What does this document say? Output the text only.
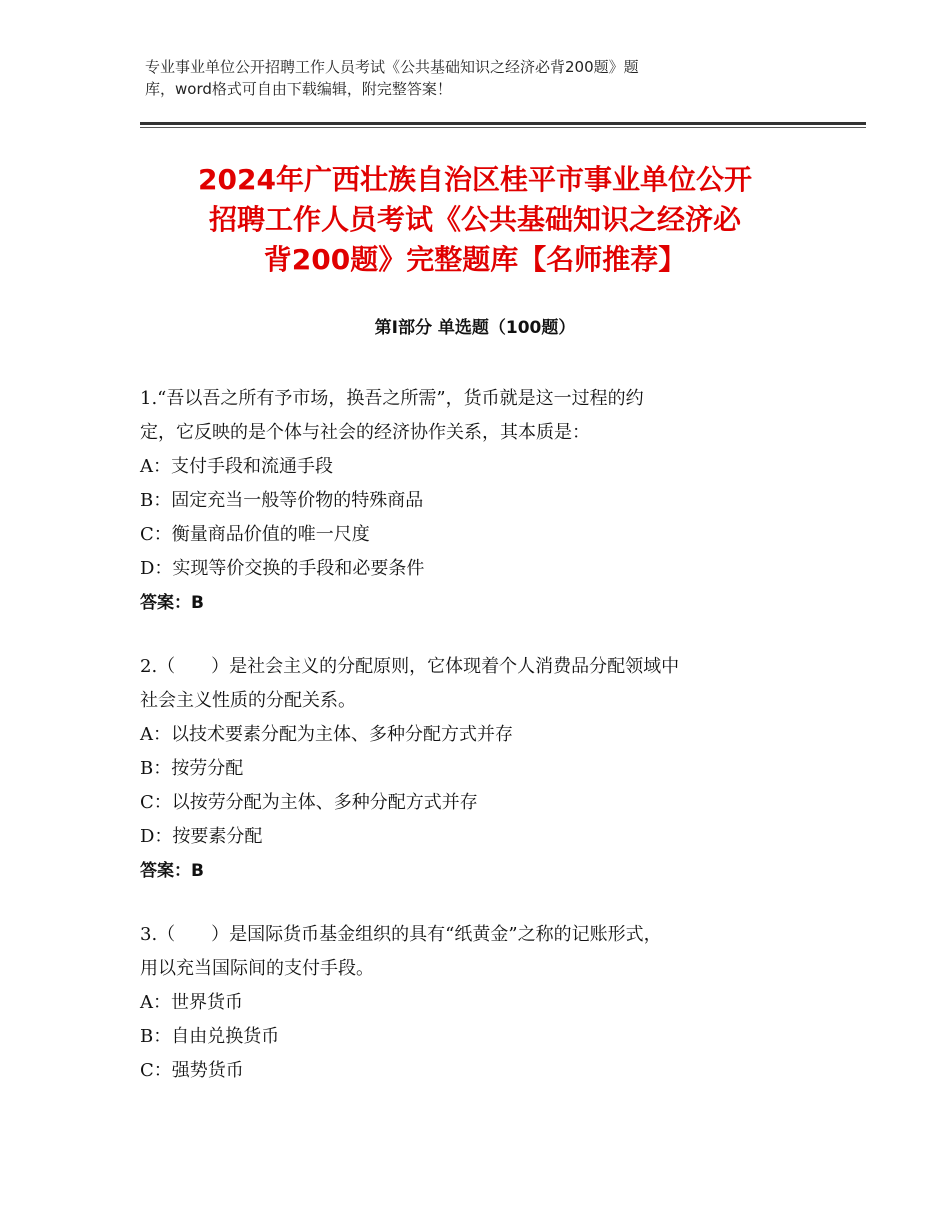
专业事业单位公开招聘工作人员考试《公共基础知识之经济必背200题》题
库，word格式可自由下载编辑，附完整答案！
2024年广西壮族自治区桂平市事业单位公开
招聘工作人员考试《公共基础知识之经济必
背200题》完整题库【名师推荐】
第I部分 单选题（100题）

1.“吾以吾之所有予市场，换吾之所需”，货币就是这一过程的约

定，它反映的是个体与社会的经济协作关系，其本质是：

A：支付手段和流通手段

B：固定充当一般等价物的特殊商品

C：衡量商品价值的唯一尺度

D：实现等价交换的手段和必要条件

答案：B

2.（　　）是社会主义的分配原则，它体现着个人消费品分配领域中

社会主义性质的分配关系。

A：以技术要素分配为主体、多种分配方式并存

B：按劳分配

C：以按劳分配为主体、多种分配方式并存

D：按要素分配

答案：B

3.（　　）是国际货币基金组织的具有“纸黄金”之称的记账形式，

用以充当国际间的支付手段。

A：世界货币

B：自由兑换货币

C：强势货币
